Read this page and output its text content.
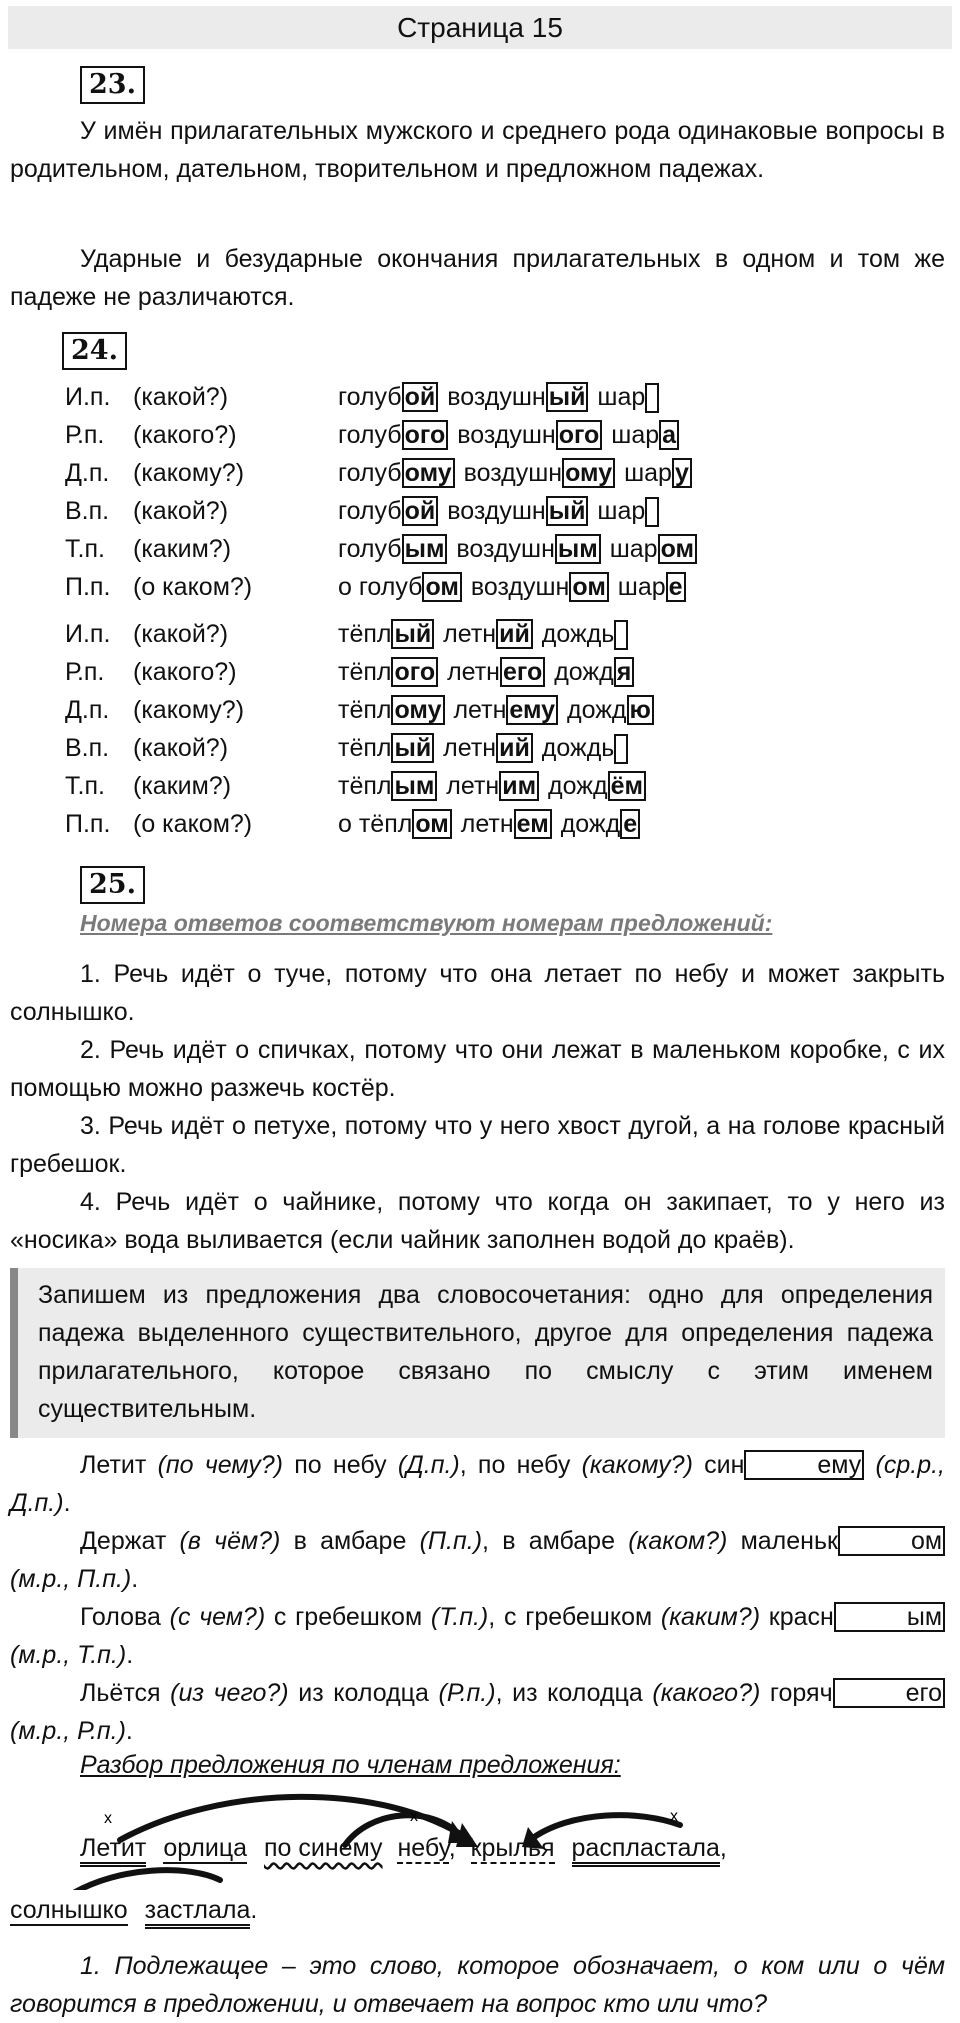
Страница 15
23.

У имён прилагательных мужского и среднего рода одинаковые вопросы в родительном, дательном, творительном и предложном падежах.

Ударные и безударные окончания прилагательных в одном и том же падеже не различаются.

24.
И.п. (какой?)	голуб ой воздушн ый шар
Р.п.	(какого?)	голуб ого воздушн ого шар а
Д.п. (какому?)	голуб ому воздушн ому шар у
В.п. (какой?)	голуб ой воздушн ый шар
Т.п.	(каким?)	голуб ым воздушн ым шар ом
П.п. (о каком?)	о голуб ом воздушн ом шар е
И.п. (какой?)	тёпл ый летн ий дождь
Р.п.	(какого?)	тёпл ого летн его дожд я
Д.п. (какому?)	тёпл ому летн ему дожд ю
В.п. (какой?)	тёпл ый летн ий дождь
Т.п.	(каким?)	тёпл ым летн им дожд ём
П.п. (о каком?)	о тёпл ом летн ем дожд е
25.
Номера ответов соответствуют номерам предложений:

1. Речь идёт о туче, потому что она летает по небу и может закрыть солнышко.

2. Речь идёт о спичках, потому что они лежат в маленьком коробке, с их помощью можно разжечь костёр.

3. Речь идёт о петухе, потому что у него хвост дугой, а на голове красный гребешок.

4. Речь идёт о чайнике, потому что когда он закипает, то у него из «носика» вода выливается (если чайник заполнен водой до краёв).

Запишем из предложения два словосочетания: одно для определения падежа выделенного существительного, другое для определения падежа прилагательного, которое связано по смыслу с этим именем существительным.

Летит (по чему?) по небу (Д.п.), по небу (какому?) син	ему (ср.р., Д.п.).

Держат (в чём?) в амбаре (П.п.), в амбаре (каком?) маленьк	ом (м.р., П.п.).

Голова (с чем?) с гребешком (Т.п.), с гребешком (каким?) красн	ым (м.р., Т.п.).

Льётся (из чего?) из колодца (Р.п.), из колодца (какого?) горяч	его (м.р., Р.п.).

Разбор предложения по членам предложения:
x	x	x
Летит орлица по синему небу, крылья распластала,
солнышко застлала.

1. Подлежащее – это слово, которое обозначает, о ком или о чём говорится в предложении, и отвечает на вопрос кто или что?
